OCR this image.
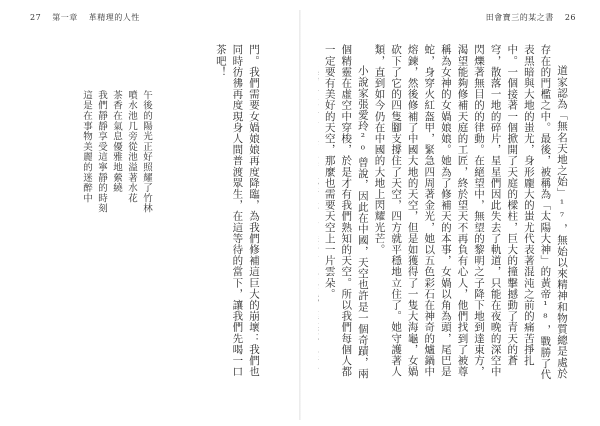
27 第一章 革精理的人性	田會寶三的某之書 26

道家認為「無名天地之始」¹⁷，無始以來精神和物質總是處於存在的門檻之中。最後，被稱為「太陽大神」的黃帝¹⁸，戰勝了代表黑暗與大地的蚩尤，身形龐大的蚩尤代表著混沌之前的痛苦掙扎中。一個接著一個掀開了天庭的樑柱，巨大的撞擊撼動了青天的蒼穹，散落一地的碎片，星星們因此失去了軌道，只能在夜晚的深空中閃爍著無目的的律動。在絕望中，無望的黎明之子降下地到達東方，渴望能夠修補天庭的工匠，終於望天不再負有心人，他們找到了被尊稱為女神的女媧娘娘。她為了修補天的本事，女媧以角為頭，尾巴是蛇，身穿火紅盔甲，緊急四周著金光，她以五色彩石在神奇的爐鍋中熔鍊，然後修補了中國大地的天空，但是如獲得了一隻大海龜，女媧砍下了它的四隻腳支撐住了天空，四方就平穩地立住了。她守護著人類，直到如今仍在中國的大地上閃耀光芒。

小說家張愛玲²⁰曾說，因此在中國，天空也許是一個奇蹟，兩個精靈在虛空中穿梭，於是才有我們熟知的天空。所以我們每個人都一定要有美好的天空，那麼也需要天空上一片雲朵。

門。我們需要女媧娘娘再度降臨，為我們修補這巨大的崩壞：我們也同時彷彿再度現身人間普渡眾生，在這等待的當下，讓我們先喝一口茶吧！

午後的陽光正好照耀了竹林

噴水池几旁從池溢著水花

茶香在氣息優雅地縈繞

我們靜靜享受這寧靜的時刻

這是在事物美麗的迷醉中
